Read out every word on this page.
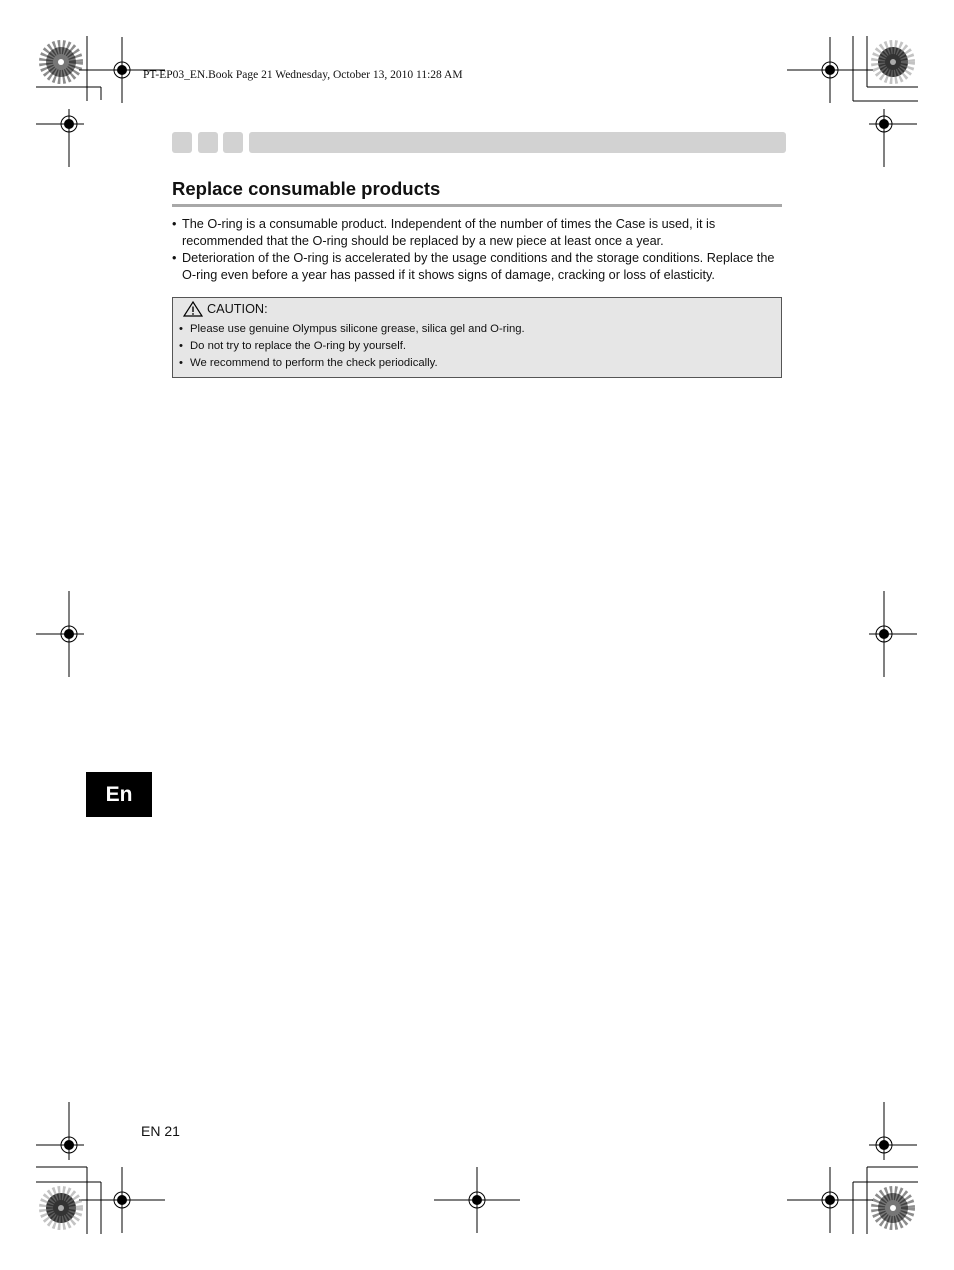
PT-EP03_EN.Book Page 21 Wednesday, October 13, 2010 11:28 AM
Replace consumable products
• The O-ring is a consumable product. Independent of the number of times the Case is used, it is recommended that the O-ring should be replaced by a new piece at least once a year.
• Deterioration of the O-ring is accelerated by the usage conditions and the storage conditions. Replace the O-ring even before a year has passed if it shows signs of damage, cracking or loss of elasticity.
CAUTION:
• Please use genuine Olympus silicone grease, silica gel and O-ring.
• Do not try to replace the O-ring by yourself.
• We recommend to perform the check periodically.
En
EN 21
